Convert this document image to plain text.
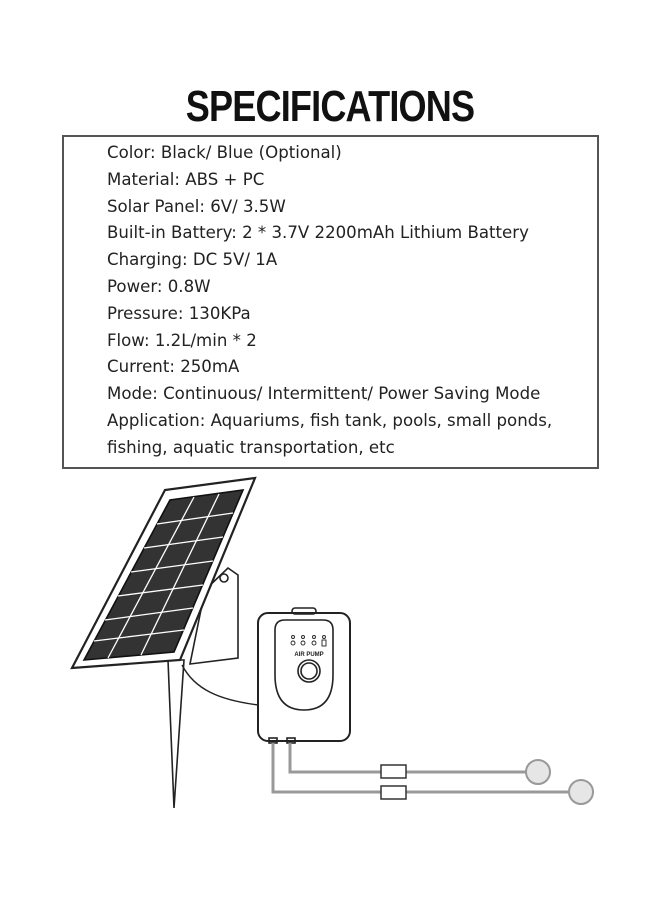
SPECIFICATIONS
Color: Black/ Blue (Optional)
Material: ABS + PC
Solar Panel: 6V/ 3.5W
Built-in Battery: 2 * 3.7V 2200mAh Lithium Battery
Charging: DC 5V/ 1A
Power: 0.8W
Pressure: 130KPa
Flow: 1.2L/min * 2
Current: 250mA
Mode: Continuous/ Intermittent/ Power Saving Mode
Application: Aquariums, fish tank, pools, small ponds,
fishing, aquatic transportation, etc
AIR PUMP
